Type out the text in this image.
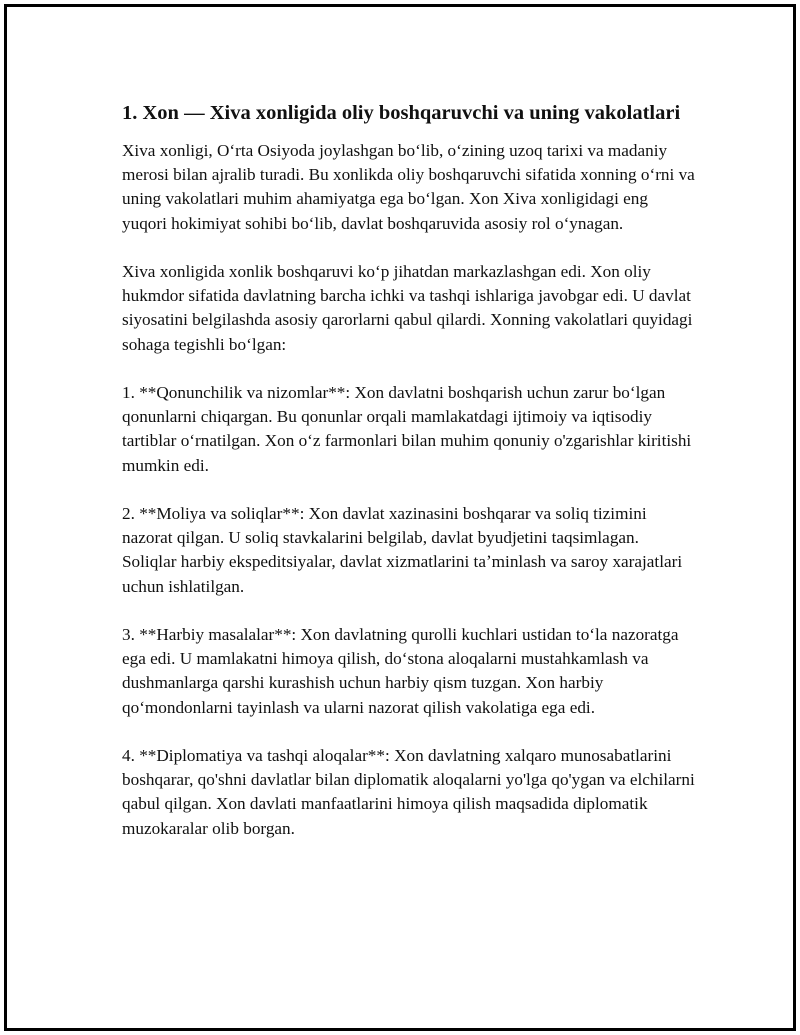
1. Xon — Xiva xonligida oliy boshqaruvchi va uning vakolatlari

Xiva xonligi, Oʻrta Osiyoda joylashgan boʻlib, oʻzining uzoq tarixi va madaniy merosi bilan ajralib turadi. Bu xonlikda oliy boshqaruvchi sifatida xonning oʻrni va uning vakolatlari muhim ahamiyatga ega boʻlgan. Xon Xiva xonligidagi eng yuqori hokimiyat sohibi boʻlib, davlat boshqaruvida asosiy rol oʻynagan.

Xiva xonligida xonlik boshqaruvi koʻp jihatdan markazlashgan edi. Xon oliy hukmdor sifatida davlatning barcha ichki va tashqi ishlariga javobgar edi. U davlat siyosatini belgilashda asosiy qarorlarni qabul qilardi. Xonning vakolatlari quyidagi sohaga tegishli boʻlgan:

1. **Qonunchilik va nizomlar**: Xon davlatni boshqarish uchun zarur boʻlgan qonunlarni chiqargan. Bu qonunlar orqali mamlakatdagi ijtimoiy va iqtisodiy tartiblar oʻrnatilgan. Xon oʻz farmonlari bilan muhim qonuniy o'zgarishlar kiritishi mumkin edi.

2. **Moliya va soliqlar**: Xon davlat xazinasini boshqarar va soliq tizimini nazorat qilgan. U soliq stavkalarini belgilab, davlat byudjetini taqsimlagan. Soliqlar harbiy ekspeditsiyalar, davlat xizmatlarini taʼminlash va saroy xarajatlari uchun ishlatilgan.

3. **Harbiy masalalar**: Xon davlatning qurolli kuchlari ustidan toʻla nazoratga ega edi. U mamlakatni himoya qilish, doʻstona aloqalarni mustahkamlash va dushmanlarga qarshi kurashish uchun harbiy qism tuzgan. Xon harbiy qoʻmondonlarni tayinlash va ularni nazorat qilish vakolatiga ega edi.

4. **Diplomatiya va tashqi aloqalar**: Xon davlatning xalqaro munosabatlarini boshqarar, qo'shni davlatlar bilan diplomatik aloqalarni yo'lga qo'ygan va elchilarni qabul qilgan. Xon davlati manfaatlarini himoya qilish maqsadida diplomatik muzokaralar olib borgan.
